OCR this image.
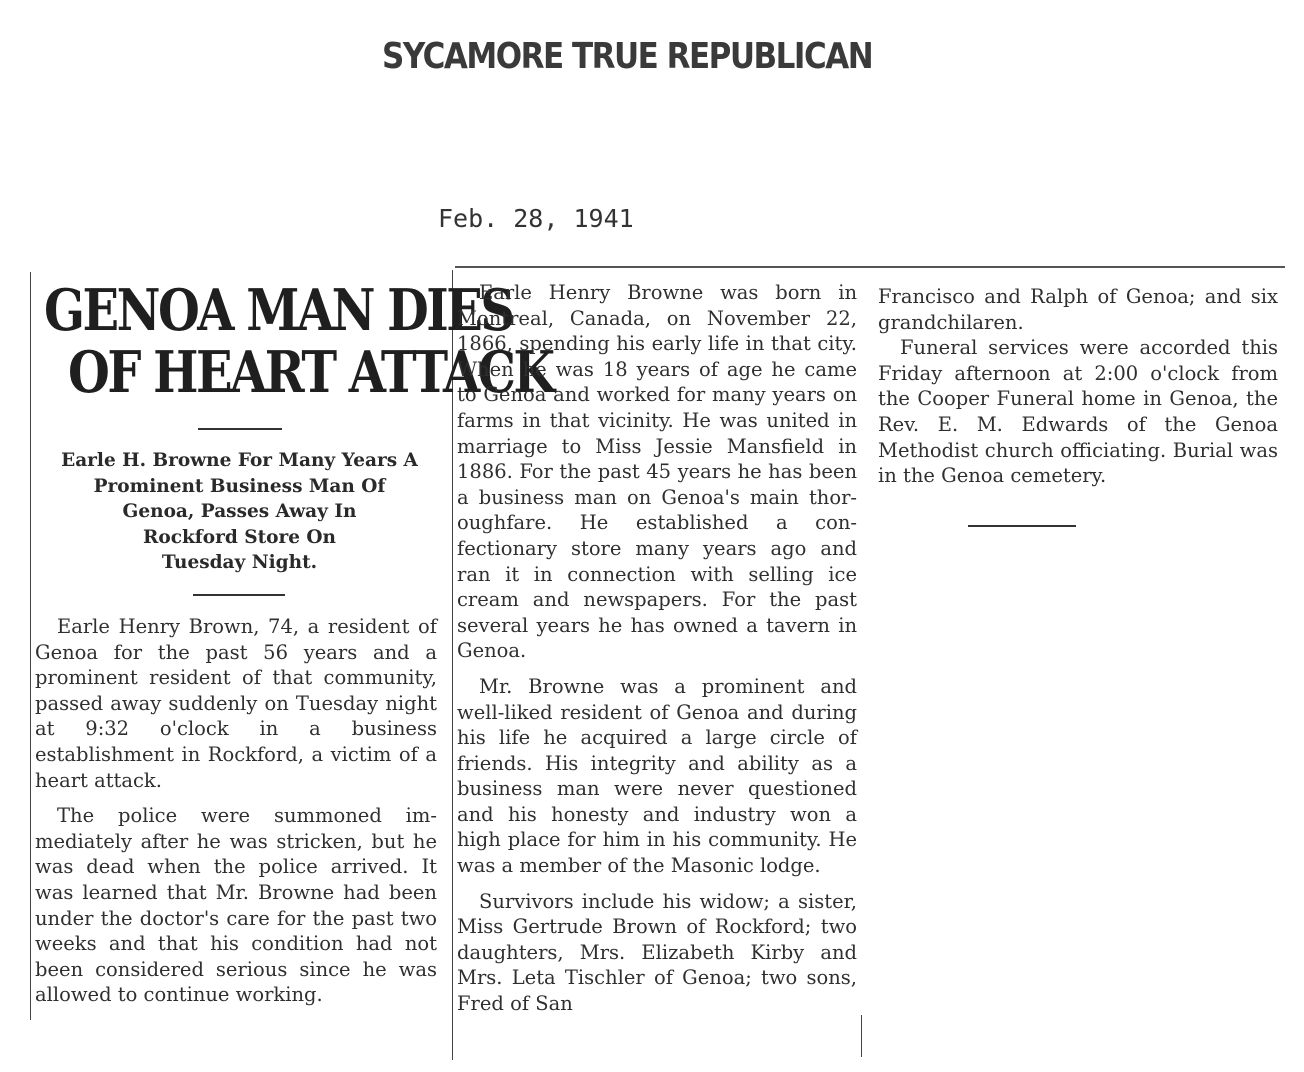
SYCAMORE TRUE REPUBLICAN
Feb. 28, 1941
GENOA MAN DIES
OF HEART ATTACK
Earle H. Browne For Many Years A
Prominent Business Man Of
Genoa, Passes Away In
Rockford Store On
Tuesday Night.

Earle Henry Brown, 74, a resident of Genoa for the past 56 years and a prominent resident of that community, passed away suddenly on Tuesday night at 9:32 o'clock in a business establishment in Rockford, a victim of a heart attack.

The police were summoned immediately after he was stricken, but he was dead when the police arrived. It was learned that Mr. Browne had been under the doctor's care for the past two weeks and that his condition had not been considered serious since he was allowed to continue working.

Earle Henry Browne was born in Montreal, Canada, on November 22, 1866, spending his early life in that city. When he was 18 years of age he came to Genoa and worked for many years on farms in that vicinity. He was united in marriage to Miss Jessie Mansfield in 1886. For the past 45 years he has been a business man on Genoa's main thoroughfare. He established a confectionary store many years ago and ran it in connection with selling ice cream and newspapers. For the past several years he has owned a tavern in Genoa.

Mr. Browne was a prominent and well-liked resident of Genoa and during his life he acquired a large circle of friends. His integrity and ability as a business man were never questioned and his honesty and industry won a high place for him in his community. He was a member of the Masonic lodge.

Survivors include his widow; a sister, Miss Gertrude Brown of Rockford; two daughters, Mrs. Elizabeth Kirby and Mrs. Leta Tischler of Genoa; two sons, Fred of San

Francisco and Ralph of Genoa; and six grandchilaren.

Funeral services were accorded this Friday afternoon at 2:00 o'clock from the Cooper Funeral home in Genoa, the Rev. E. M. Edwards of the Genoa Methodist church officiating. Burial was in the Genoa cemetery.
